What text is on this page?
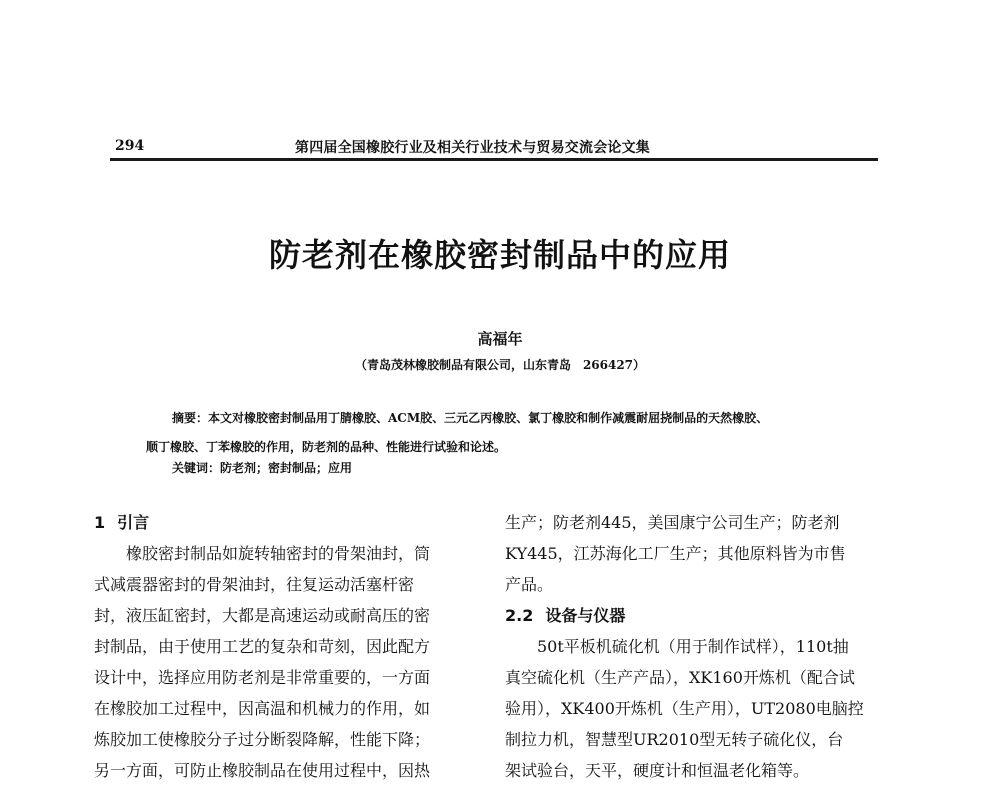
294	第四届全国橡胶行业及相关行业技术与贸易交流会论文集
防老剂在橡胶密封制品中的应用
高福年
（青岛茂林橡胶制品有限公司，山东青岛　266427）
摘要：本文对橡胶密封制品用丁腈橡胶、ACM胶、三元乙丙橡胶、氯丁橡胶和制作减震耐屈挠制品的天然橡胶、
顺丁橡胶、丁苯橡胶的作用，防老剂的品种、性能进行试验和论述。
关键词：防老剂；密封制品；应用
1 引言
橡胶密封制品如旋转轴密封的骨架油封，筒
式减震器密封的骨架油封，往复运动活塞杆密
封，液压缸密封，大都是高速运动或耐高压的密
封制品，由于使用工艺的复杂和苛刻，因此配方
设计中，选择应用防老剂是非常重要的，一方面
在橡胶加工过程中，因高温和机械力的作用，如
炼胶加工使橡胶分子过分断裂降解，性能下降；
另一方面，可防止橡胶制品在使用过程中，因热
生产；防老剂445，美国康宁公司生产；防老剂
KY445，江苏海化工厂生产；其他原料皆为市售
产品。
2.2 设备与仪器
50t平板机硫化机（用于制作试样），110t抽
真空硫化机（生产产品），XK160开炼机（配合试
验用），XK400开炼机（生产用），UT2080电脑控
制拉力机，智慧型UR2010型无转子硫化仪，台
架试验台，天平，硬度计和恒温老化箱等。
